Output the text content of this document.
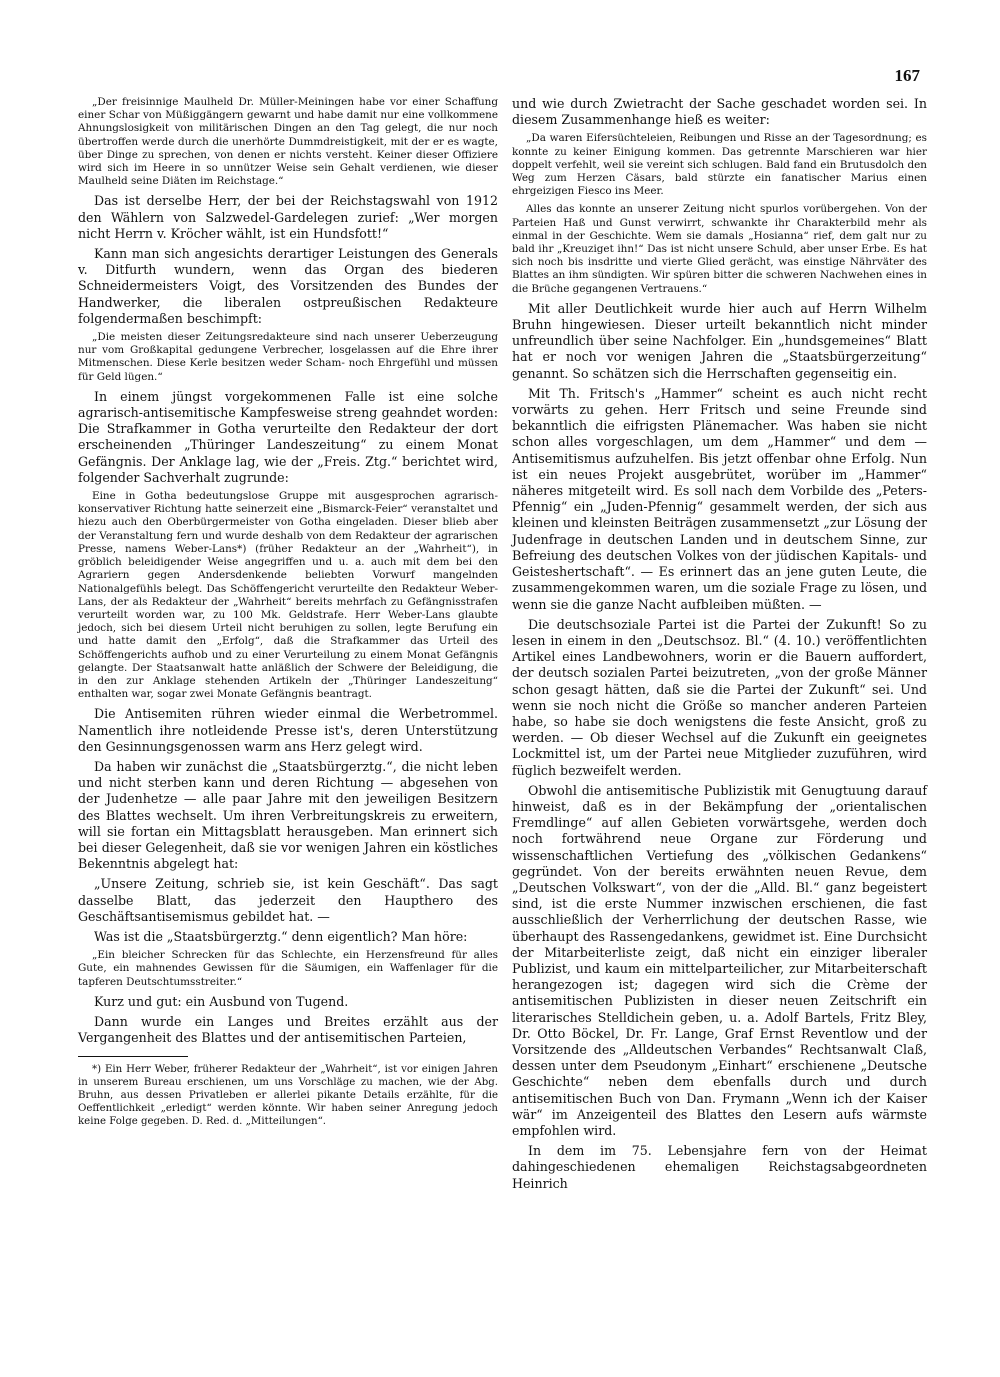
167

„Der freisinnige Maulheld Dr. Müller-Meiningen habe vor einer Schaffung einer Schar von Müßiggängern gewarnt und habe damit nur eine vollkommene Ahnungslosigkeit von militärischen Dingen an den Tag gelegt, die nur noch übertroffen werde durch die unerhörte Dummdreistigkeit, mit der er es wagte, über Dinge zu sprechen, von denen er nichts versteht. Keiner dieser Offiziere wird sich im Heere in so unnützer Weise sein Gehalt verdienen, wie dieser Maulheld seine Diäten im Reichstage.“

Das ist derselbe Herr, der bei der Reichstagswahl von 1912 den Wählern von Salzwedel-Gardelegen zurief: „Wer morgen nicht Herrn v. Kröcher wählt, ist ein Hundsfott!“

Kann man sich angesichts derartiger Leistungen des Generals v. Ditfurth wundern, wenn das Organ des biederen Schneidermeisters Voigt, des Vorsitzenden des Bundes der Handwerker, die liberalen ostpreußischen Redakteure folgendermaßen beschimpft:

„Die meisten dieser Zeitungsredakteure sind nach unserer Ueberzeugung nur vom Großkapital gedungene Verbrecher, losgelassen auf die Ehre ihrer Mitmenschen. Diese Kerle besitzen weder Scham- noch Ehrgefühl und müssen für Geld lügen.“

In einem jüngst vorgekommenen Falle ist eine solche agrarisch-antisemitische Kampfesweise streng geahndet worden: Die Strafkammer in Gotha verurteilte den Redakteur der dort erscheinenden „Thüringer Landeszeitung“ zu einem Monat Gefängnis. Der Anklage lag, wie der „Freis. Ztg.“ berichtet wird, folgender Sachverhalt zugrunde:

Eine in Gotha bedeutungslose Gruppe mit ausgesprochen agrarisch-konservativer Richtung hatte seinerzeit eine „Bismarck-Feier“ veranstaltet und hiezu auch den Oberbürgermeister von Gotha eingeladen. Dieser blieb aber der Veranstaltung fern und wurde deshalb von dem Redakteur der agrarischen Presse, namens Weber-Lans*) (früher Redakteur an der „Wahrheit“), in gröblich beleidigender Weise angegriffen und u. a. auch mit dem bei den Agrariern gegen Andersdenkende beliebten Vorwurf mangelnden Nationalgefühls belegt. Das Schöffengericht verurteilte den Redakteur Weber-Lans, der als Redakteur der „Wahrheit“ bereits mehrfach zu Gefängnisstrafen verurteilt worden war, zu 100 Mk. Geldstrafe. Herr Weber-Lans glaubte jedoch, sich bei diesem Urteil nicht beruhigen zu sollen, legte Berufung ein und hatte damit den „Erfolg“, daß die Strafkammer das Urteil des Schöffengerichts aufhob und zu einer Verurteilung zu einem Monat Gefängnis gelangte. Der Staatsanwalt hatte anläßlich der Schwere der Beleidigung, die in den zur Anklage stehenden Artikeln der „Thüringer Landeszeitung“ enthalten war, sogar zwei Monate Gefängnis beantragt.

Die Antisemiten rühren wieder einmal die Werbetrommel. Namentlich ihre notleidende Presse ist's, deren Unterstützung den Gesinnungsgenossen warm ans Herz gelegt wird.

Da haben wir zunächst die „Staatsbürgerztg.“, die nicht leben und nicht sterben kann und deren Richtung — abgesehen von der Judenhetze — alle paar Jahre mit den jeweiligen Besitzern des Blattes wechselt. Um ihren Verbreitungskreis zu erweitern, will sie fortan ein Mittagsblatt herausgeben. Man erinnert sich bei dieser Gelegenheit, daß sie vor wenigen Jahren ein köstliches Bekenntnis abgelegt hat:

„Unsere Zeitung, schrieb sie, ist kein Geschäft“. Das sagt dasselbe Blatt, das jederzeit den Haupthero des Geschäftsantisemismus gebildet hat. —

Was ist die „Staatsbürgerztg.“ denn eigentlich? Man höre:

„Ein bleicher Schrecken für das Schlechte, ein Herzensfreund für alles Gute, ein mahnendes Gewissen für die Säumigen, ein Waffenlager für die tapferen Deutschtumsstreiter.“

Kurz und gut: ein Ausbund von Tugend.

Dann wurde ein Langes und Breites erzählt aus der Vergangenheit des Blattes und der antisemitischen Parteien,

*) Ein Herr Weber, früherer Redakteur der „Wahrheit“, ist vor einigen Jahren in unserem Bureau erschienen, um uns Vorschläge zu machen, wie der Abg. Bruhn, aus dessen Privatleben er allerlei pikante Details erzählte, für die Oeffentlichkeit „erledigt“ werden könnte. Wir haben seiner Anregung jedoch keine Folge gegeben. D. Red. d. „Mitteilungen“.

und wie durch Zwietracht der Sache geschadet worden sei. In diesem Zusammenhange hieß es weiter:

„Da waren Eifersüchteleien, Reibungen und Risse an der Tagesordnung; es konnte zu keiner Einigung kommen. Das getrennte Marschieren war hier doppelt verfehlt, weil sie vereint sich schlugen. Bald fand ein Brutusdolch den Weg zum Herzen Cäsars, bald stürzte ein fanatischer Marius einen ehrgeizigen Fiesco ins Meer.

Alles das konnte an unserer Zeitung nicht spurlos vorübergehen. Von der Parteien Haß und Gunst verwirrt, schwankte ihr Charakterbild mehr als einmal in der Geschichte. Wem sie damals „Hosianna“ rief, dem galt nur zu bald ihr „Kreuziget ihn!“ Das ist nicht unsere Schuld, aber unser Erbe. Es hat sich noch bis insdritte und vierte Glied gerächt, was einstige Nährväter des Blattes an ihm sündigten. Wir spüren bitter die schweren Nachwehen eines in die Brüche gegangenen Vertrauens.“

Mit aller Deutlichkeit wurde hier auch auf Herrn Wilhelm Bruhn hingewiesen. Dieser urteilt bekanntlich nicht minder unfreundlich über seine Nachfolger. Ein „hundsgemeines“ Blatt hat er noch vor wenigen Jahren die „Staatsbürgerzeitung“ genannt. So schätzen sich die Herrschaften gegenseitig ein.

Mit Th. Fritsch's „Hammer“ scheint es auch nicht recht vorwärts zu gehen. Herr Fritsch und seine Freunde sind bekanntlich die eifrigsten Plänemacher. Was haben sie nicht schon alles vorgeschlagen, um dem „Hammer“ und dem — Antisemitismus aufzuhelfen. Bis jetzt offenbar ohne Erfolg. Nun ist ein neues Projekt ausgebrütet, worüber im „Hammer“ näheres mitgeteilt wird. Es soll nach dem Vorbilde des „Peters-Pfennig“ ein „Juden-Pfennig“ gesammelt werden, der sich aus kleinen und kleinsten Beiträgen zusammensetzt „zur Lösung der Judenfrage in deutschen Landen und in deutschem Sinne, zur Befreiung des deutschen Volkes von der jüdischen Kapitals- und Geisteshertschaft“. — Es erinnert das an jene guten Leute, die zusammengekommen waren, um die soziale Frage zu lösen, und wenn sie die ganze Nacht aufbleiben müßten. —

Die deutschsoziale Partei ist die Partei der Zukunft! So zu lesen in einem in den „Deutschsoz. Bl.“ (4. 10.) veröffentlichten Artikel eines Landbewohners, worin er die Bauern auffordert, der deutsch sozialen Partei beizutreten, „von der große Männer schon gesagt hätten, daß sie die Partei der Zukunft“ sei. Und wenn sie noch nicht die Größe so mancher anderen Parteien habe, so habe sie doch wenigstens die feste Ansicht, groß zu werden. — Ob dieser Wechsel auf die Zukunft ein geeignetes Lockmittel ist, um der Partei neue Mitglieder zuzuführen, wird füglich bezweifelt werden.

Obwohl die antisemitische Publizistik mit Genugtuung darauf hinweist, daß es in der Bekämpfung der „orientalischen Fremdlinge“ auf allen Gebieten vorwärtsgehe, werden doch noch fortwährend neue Organe zur Förderung und wissenschaftlichen Vertiefung des „völkischen Gedankens“ gegründet. Von der bereits erwähnten neuen Revue, dem „Deutschen Volkswart“, von der die „Alld. Bl.“ ganz begeistert sind, ist die erste Nummer inzwischen erschienen, die fast ausschließlich der Verherrlichung der deutschen Rasse, wie überhaupt des Rassengedankens, gewidmet ist. Eine Durchsicht der Mitarbeiterliste zeigt, daß nicht ein einziger liberaler Publizist, und kaum ein mittelparteilicher, zur Mitarbeiterschaft herangezogen ist; dagegen wird sich die Crème der antisemitischen Publizisten in dieser neuen Zeitschrift ein literarisches Stelldichein geben, u. a. Adolf Bartels, Fritz Bley, Dr. Otto Böckel, Dr. Fr. Lange, Graf Ernst Reventlow und der Vorsitzende des „Alldeutschen Verbandes“ Rechtsanwalt Claß, dessen unter dem Pseudonym „Einhart“ erschienene „Deutsche Geschichte“ neben dem ebenfalls durch und durch antisemitischen Buch von Dan. Frymann „Wenn ich der Kaiser wär“ im Anzeigenteil des Blattes den Lesern aufs wärmste empfohlen wird.

In dem im 75. Lebensjahre fern von der Heimat dahingeschiedenen ehemaligen Reichstagsabgeordneten Heinrich
